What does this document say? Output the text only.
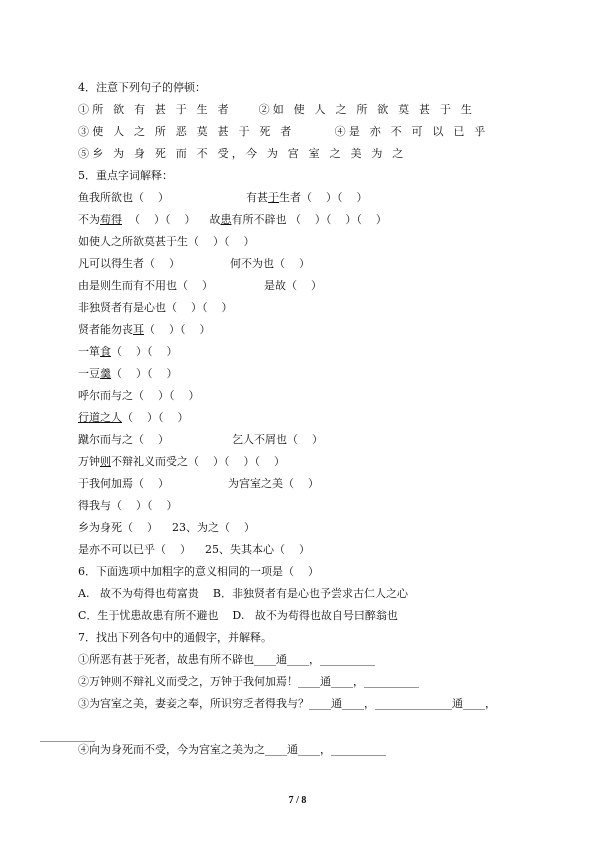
4．注意下列句子的停顿：
①所 欲 有 甚 于 生 者    ②如 使 人 之 所 欲 莫 甚 于 生
③使 人 之 所 恶 莫 甚 于 死 者      ④是 亦 不 可 以 已 乎
⑤乡 为 身 死 而 不 受，今 为 宫 室 之 美 为 之
5．重点字词解释：
鱼我所欲也（    ）	有甚于生者（    ）（    ）
不为苟得  （    ）（    ）    故患有所不辟也 （    ）（    ）（    ）
如使人之所欲莫甚于生（    ）（    ）
凡可以得生者（    ）	何不为也（    ）
由是则生而有不用也（    ）	是故（    ）
非独贤者有是心也（    ）（    ）
贤者能勿丧耳（    ）（    ）
一箪食（    ）（    ）
一豆羹（    ）（    ）
呼尔而与之（    ）（    ）
行道之人（    ）（    ）
蹴尔而与之（    ）	乞人不屑也（    ）
万钟则不辩礼义而受之（    ）（    ）（    ）
于我何加焉（    ）	为宫室之美（    ）
得我与（    ）（    ）
乡为身死（    ）    23、为之（    ）
是亦不可以已乎（    ）    25、失其本心（    ）
6．下面选项中加粗字的意义相同的一项是（    ）
A.   故不为苟得也苟富贵    B．非独贤者有是心也予尝求古仁人之心
C．生于忧患故患有所不避也    D.   故不为苟得也故自号曰醉翁也
7．找出下列各句中的通假字，并解释。
①所恶有甚于死者，故患有所不辟也____通____，__________
②万钟则不辩礼义而受之，万钟于我何加焉！____通____，__________
③为宫室之美，妻妾之奉，所识穷乏者得我与？____通____，______________通____，
__________
④向为身死而不受，今为宫室之美为之____通____，__________
7 / 8
